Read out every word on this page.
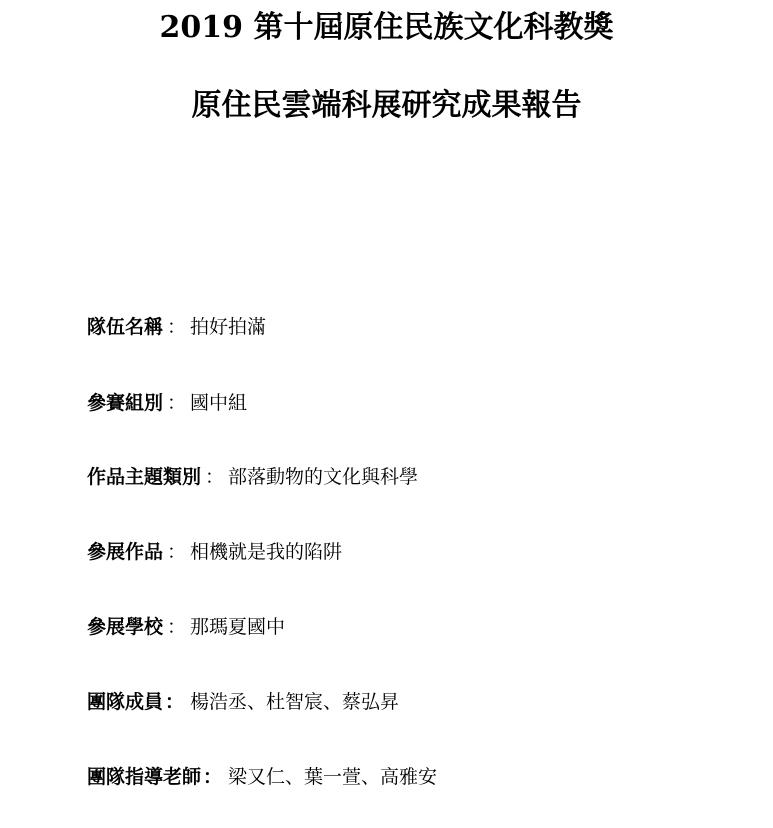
2019 第十屆原住民族文化科教獎
原住民雲端科展研究成果報告
隊伍名稱 ： 拍好拍滿
參賽組別 ： 國中組
作品主題類別 ： 部落動物的文化與科學
參展作品 ： 相機就是我的陷阱
參展學校 ： 那瑪夏國中
團隊成員 ： 楊浩丞、杜智宸、蔡弘昇
團隊指導老師 ： 梁又仁、葉一萱、高雅安
